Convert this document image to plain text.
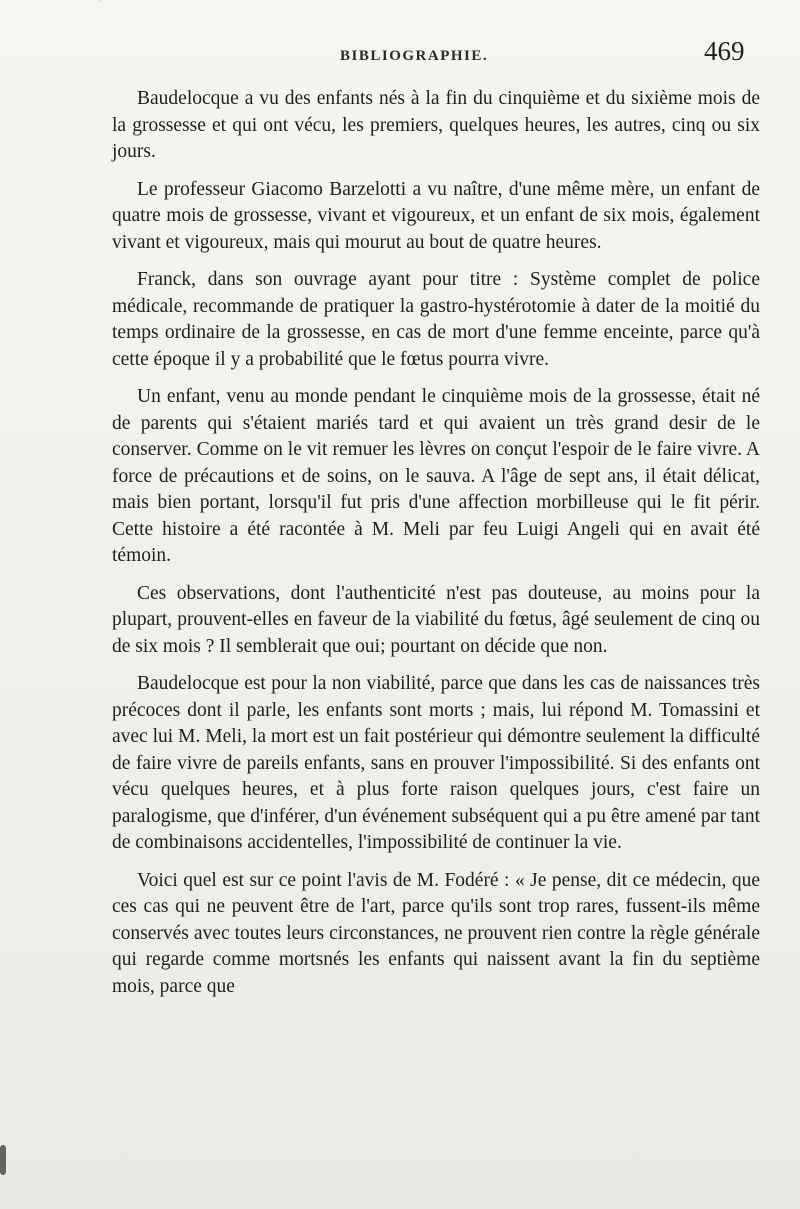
BIBLIOGRAPHIE.	469

Baudelocque a vu des enfants nés à la fin du cinquième et du sixième mois de la grossesse et qui ont vécu, les premiers, quelques heures, les autres, cinq ou six jours.

Le professeur Giacomo Barzelotti a vu naître, d'une même mère, un enfant de quatre mois de grossesse, vivant et vigoureux, et un enfant de six mois, également vivant et vigoureux, mais qui mourut au bout de quatre heures.

Franck, dans son ouvrage ayant pour titre : Système complet de police médicale, recommande de pratiquer la gastro-hystérotomie à dater de la moitié du temps ordinaire de la grossesse, en cas de mort d'une femme enceinte, parce qu'à cette époque il y a probabilité que le fœtus pourra vivre.

Un enfant, venu au monde pendant le cinquième mois de la grossesse, était né de parents qui s'étaient mariés tard et qui avaient un très grand desir de le conserver. Comme on le vit remuer les lèvres on conçut l'espoir de le faire vivre. A force de précautions et de soins, on le sauva. A l'âge de sept ans, il était délicat, mais bien portant, lorsqu'il fut pris d'une affection morbilleuse qui le fit périr. Cette histoire a été racontée à M. Meli par feu Luigi Angeli qui en avait été témoin.

Ces observations, dont l'authenticité n'est pas douteuse, au moins pour la plupart, prouvent-elles en faveur de la viabilité du fœtus, âgé seulement de cinq ou de six mois ? Il semblerait que oui; pourtant on décide que non.

Baudelocque est pour la non viabilité, parce que dans les cas de naissances très précoces dont il parle, les enfants sont morts ; mais, lui répond M. Tomassini et avec lui M. Meli, la mort est un fait postérieur qui démontre seulement la difficulté de faire vivre de pareils enfants, sans en prouver l'impossibilité. Si des enfants ont vécu quelques heures, et à plus forte raison quelques jours, c'est faire un paralogisme, que d'inférer, d'un événement subséquent qui a pu être amené par tant de combinaisons accidentelles, l'impossibilité de continuer la vie.

Voici quel est sur ce point l'avis de M. Fodéré : « Je pense, dit ce médecin, que ces cas qui ne peuvent être de l'art, parce qu'ils sont trop rares, fussent-ils même conservés avec toutes leurs circonstances, ne prouvent rien contre la règle générale qui regarde comme mortsnés les enfants qui naissent avant la fin du septième mois, parce que
